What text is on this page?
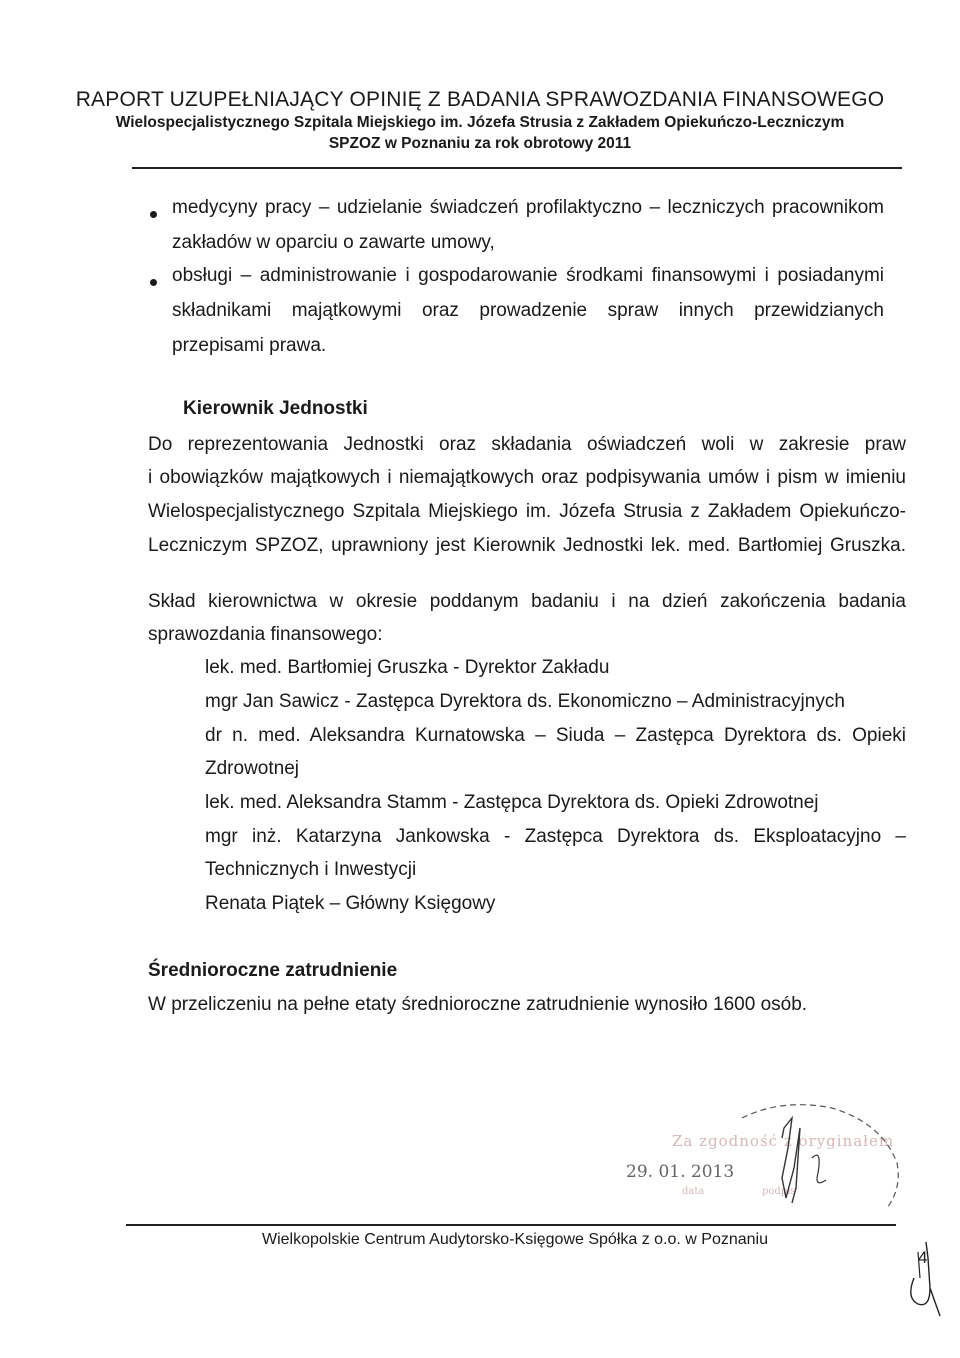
RAPORT UZUPEŁNIAJĄCY OPINIĘ Z BADANIA SPRAWOZDANIA FINANSOWEGO
Wielospecjalistycznego Szpitala Miejskiego im. Józefa Strusia z Zakładem Opiekuńczo-Leczniczym
SPZOZ w Poznaniu za rok obrotowy 2011
medycyny pracy – udzielanie świadczeń profilaktyczno – leczniczych pracownikom
zakładów w oparciu o zawarte umowy,
obsługi – administrowanie i gospodarowanie środkami finansowymi i posiadanymi
składnikami majątkowymi oraz prowadzenie spraw innych przewidzianych
przepisami prawa.
Kierownik Jednostki
Do reprezentowania Jednostki oraz składania oświadczeń woli w zakresie praw
i obowiązków majątkowych i niemajątkowych oraz podpisywania umów i pism w imieniu
Wielospecjalistycznego Szpitala Miejskiego im. Józefa Strusia z Zakładem Opiekuńczo-
Leczniczym SPZOZ, uprawniony jest Kierownik Jednostki lek. med. Bartłomiej Gruszka.
Skład kierownictwa w okresie poddanym badaniu i na dzień zakończenia badania
sprawozdania finansowego:
lek. med. Bartłomiej Gruszka - Dyrektor Zakładu
mgr Jan Sawicz - Zastępca Dyrektora ds. Ekonomiczno – Administracyjnych
dr n. med. Aleksandra Kurnatowska – Siuda – Zastępca Dyrektora ds. Opieki
Zdrowotnej
lek. med. Aleksandra Stamm - Zastępca Dyrektora ds. Opieki Zdrowotnej
mgr inż. Katarzyna Jankowska - Zastępca Dyrektora ds. Eksploatacyjno –
Technicznych i Inwestycji
Renata Piątek – Główny Księgowy
Średnioroczne zatrudnienie
W przeliczeniu na pełne etaty średnioroczne zatrudnienie wynosiło 1600 osób.
Za zgodność z oryginałem
29. 01. 2013
data	podpis
Wielkopolskie Centrum Audytorsko-Księgowe Spółka z o.o. w Poznaniu
4
